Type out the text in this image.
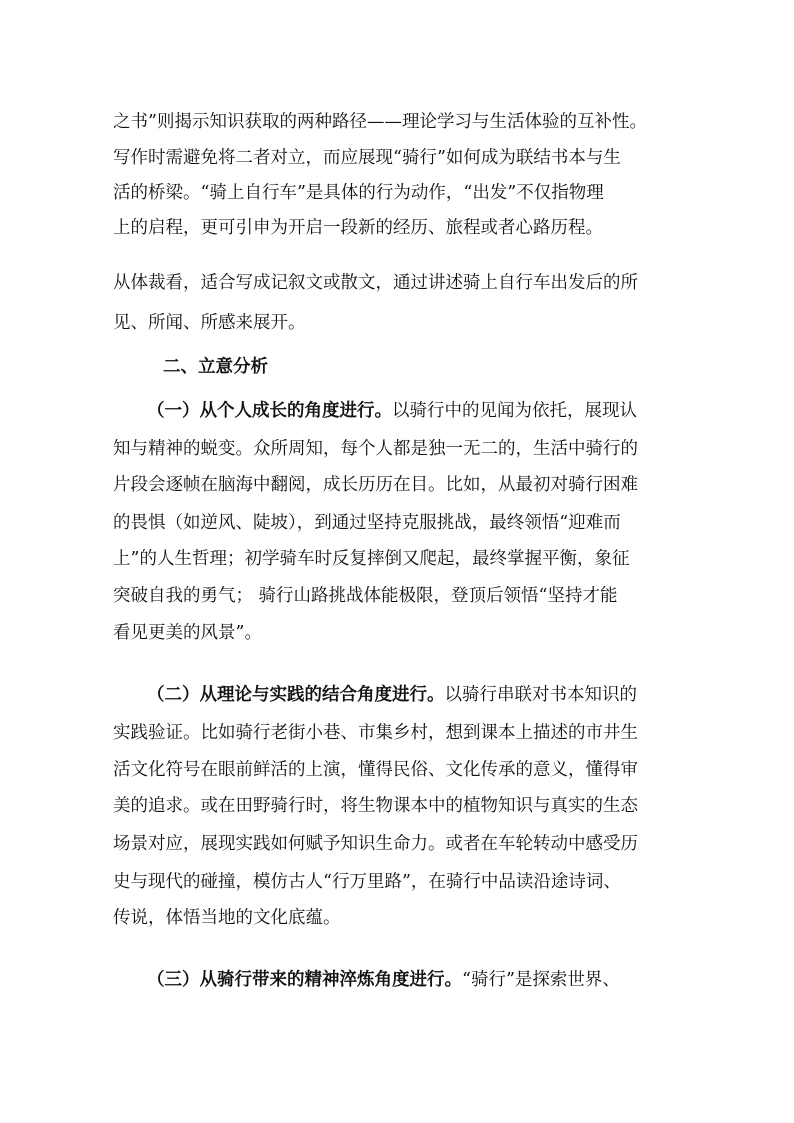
之书”则揭示知识获取的两种路径——理论学习与生活体验的互补性。
写作时需避免将二者对立，而应展现“骑行”如何成为联结书本与生
活的桥梁。“骑上自行车”是具体的行为动作，“出发”不仅指物理
上的启程，更可引申为开启一段新的经历、旅程或者心路历程。
从体裁看，适合写成记叙文或散文，通过讲述骑上自行车出发后的所
见、所闻、所感来展开。
二、立意分析
（一）从个人成长的角度进行。以骑行中的见闻为依托，展现认
知与精神的蜕变。众所周知，每个人都是独一无二的，生活中骑行的
片段会逐帧在脑海中翻阅，成长历历在目。比如，从最初对骑行困难
的畏惧（如逆风、陡坡），到通过坚持克服挑战，最终领悟“迎难而
上”的人生哲理；初学骑车时反复摔倒又爬起，最终掌握平衡，象征
突破自我的勇气； 骑行山路挑战体能极限，登顶后领悟“坚持才能
看见更美的风景”。
（二）从理论与实践的结合角度进行。以骑行串联对书本知识的
实践验证。比如骑行老街小巷、市集乡村，想到课本上描述的市井生
活文化符号在眼前鲜活的上演，懂得民俗、文化传承的意义，懂得审
美的追求。或在田野骑行时，将生物课本中的植物知识与真实的生态
场景对应，展现实践如何赋予知识生命力。或者在车轮转动中感受历
史与现代的碰撞，模仿古人“行万里路”，在骑行中品读沿途诗词、
传说，体悟当地的文化底蕴。
（三）从骑行带来的精神淬炼角度进行。“骑行”是探索世界、
